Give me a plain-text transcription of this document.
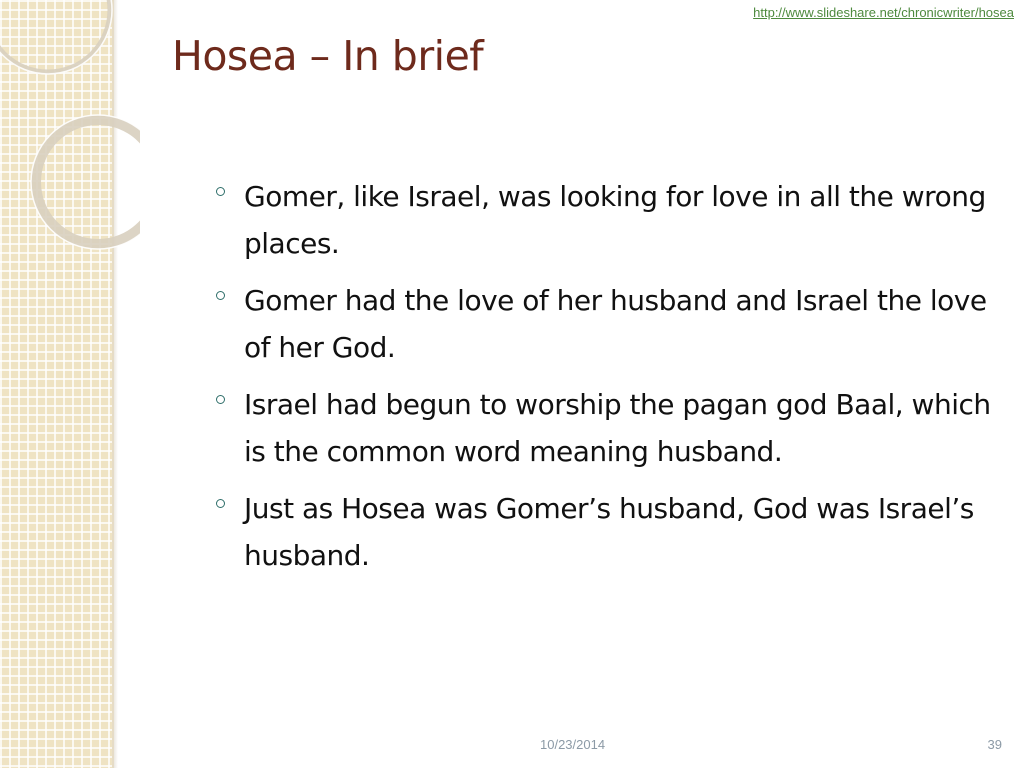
http://www.slideshare.net/chronicwriter/hosea
Hosea – In brief
Gomer, like Israel, was looking for love in all the wrong places.
Gomer had the love of her husband and Israel the love of her God.
Israel had begun to worship the pagan god Baal, which is the common word meaning husband.
Just as Hosea was Gomer’s husband, God was Israel’s husband.
10/23/2014	39
